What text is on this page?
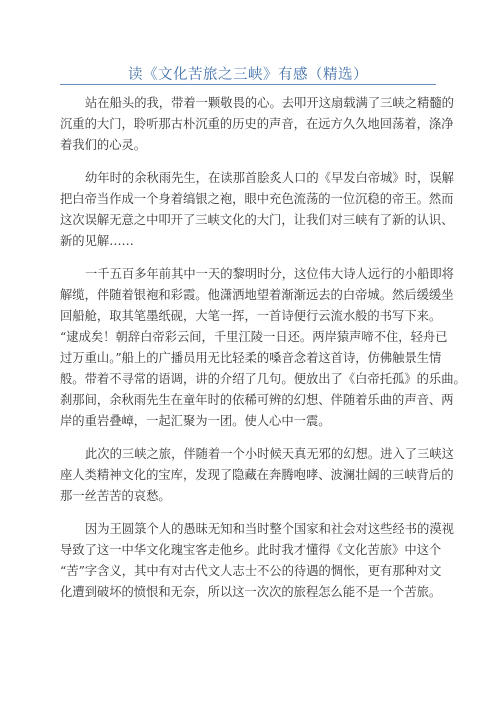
读《文化苦旅之三峡》有感（精选）
站在船头的我，带着一颗敬畏的心。去叩开这扇载满了三峡之精髓的
沉重的大门，聆听那古朴沉重的历史的声音，在远方久久地回荡着，涤净
着我们的心灵。
幼年时的余秋雨先生，在读那首脍炙人口的《早发白帝城》时，误解
把白帝当作成一个身着缟银之袍，眼中充色流荡的一位沉稳的帝王。然而
这次误解无意之中叩开了三峡文化的大门，让我们对三峡有了新的认识、
新的见解……
一千五百多年前其中一天的黎明时分，这位伟大诗人远行的小船即将
解缆，伴随着银袍和彩霞。他潇洒地望着渐渐远去的白帝城。然后缓缓坐
回船舱，取其笔墨纸砚，大笔一挥，一首诗便行云流水般的书写下来。
“逮成矣！朝辞白帝彩云间，千里江陵一日还。两岸猿声啼不住，轻舟已
过万重山。”船上的广播员用无比轻柔的嗓音念着这首诗，仿佛触景生情
般。带着不寻常的语调，讲的介绍了几句。便放出了《白帝托孤》的乐曲。
刹那间，余秋雨先生在童年时的依稀可辨的幻想、伴随着乐曲的声音、两
岸的重岩叠嶂，一起汇聚为一团。使人心中一震。
此次的三峡之旅，伴随着一个小时候天真无邪的幻想。进入了三峡这
座人类精神文化的宝库，发现了隐藏在奔腾咆哮、波澜壮阔的三峡背后的
那一丝苦苦的哀愁。
因为王圆箓个人的愚昧无知和当时整个国家和社会对这些经书的漠视
导致了这一中华文化瑰宝客走他乡。此时我才懂得《文化苦旅》中这个
“苦”字含义，其中有对古代文人志士不公的待遇的惆怅，更有那种对文
化遭到破坏的愤恨和无奈，所以这一次次的旅程怎么能不是一个苦旅。
